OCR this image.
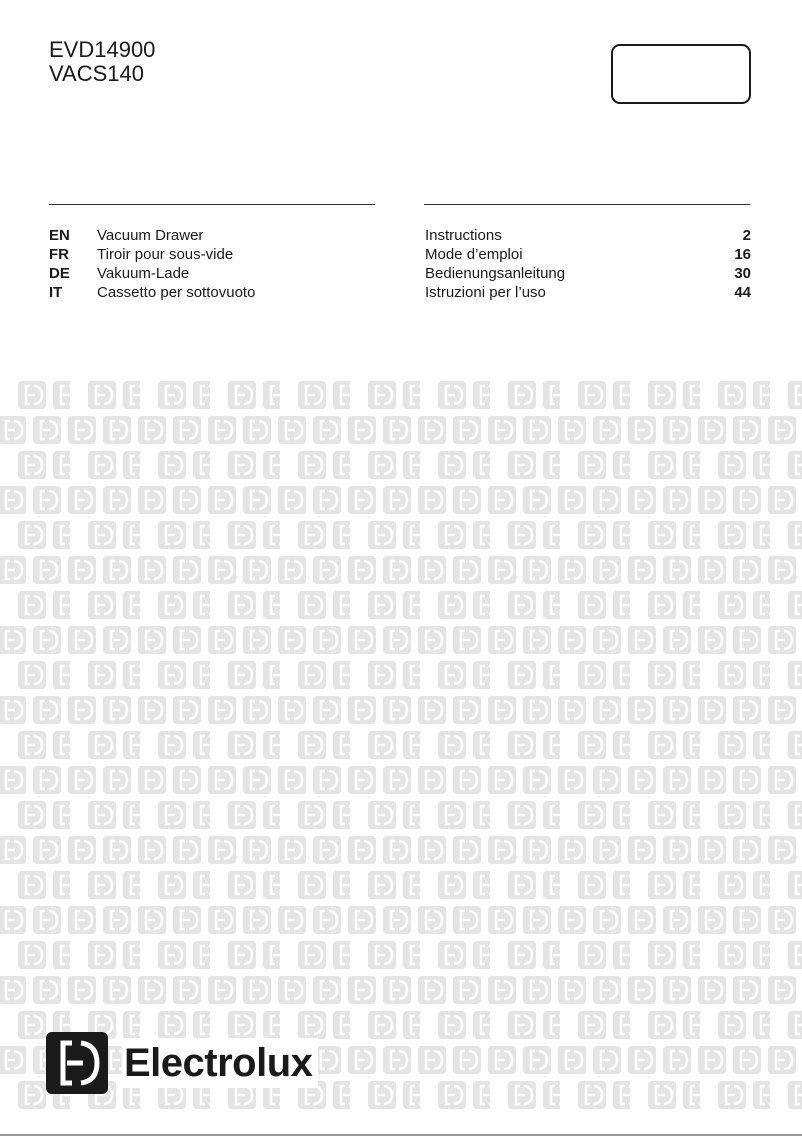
EVD14900
VACS140
EN Vacuum Drawer	Instructions	2
FR Tiroir pour sous-vide	Mode d’emploi	16
DE Vakuum-Lade	Bedienungsanleitung	30
IT Cassetto per sottovuoto	Istruzioni per l’uso	44
Electrolux
